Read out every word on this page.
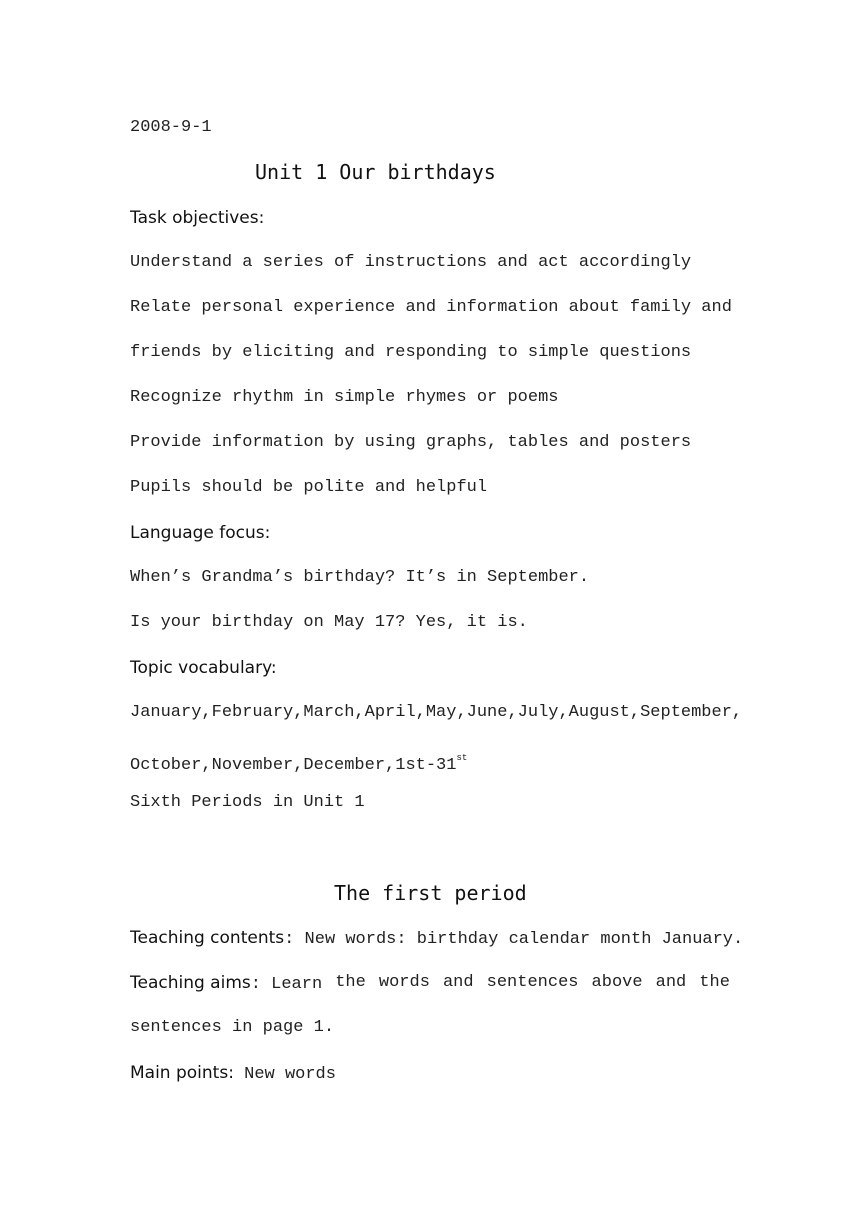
2008-9-1
Unit 1 Our birthdays
Task objectives:
Understand a series of instructions and act accordingly
Relate personal experience and information about family and
friends by eliciting and responding to simple questions
Recognize rhythm in simple rhymes or poems
Provide information by using graphs, tables and posters
Pupils should be polite and helpful
Language focus:
When’s Grandma’s birthday? It’s in September.
Is your birthday on May 17? Yes, it is.
Topic vocabulary:
January,February,March,April,May,June,July,August,September,
October,November,December,1st-31st
Sixth Periods in Unit 1
The first period
Teaching contents: New words: birthday calendar month January.
Teaching aims: Learn the words and sentences above and the
sentences in page 1.
Main points: New words
